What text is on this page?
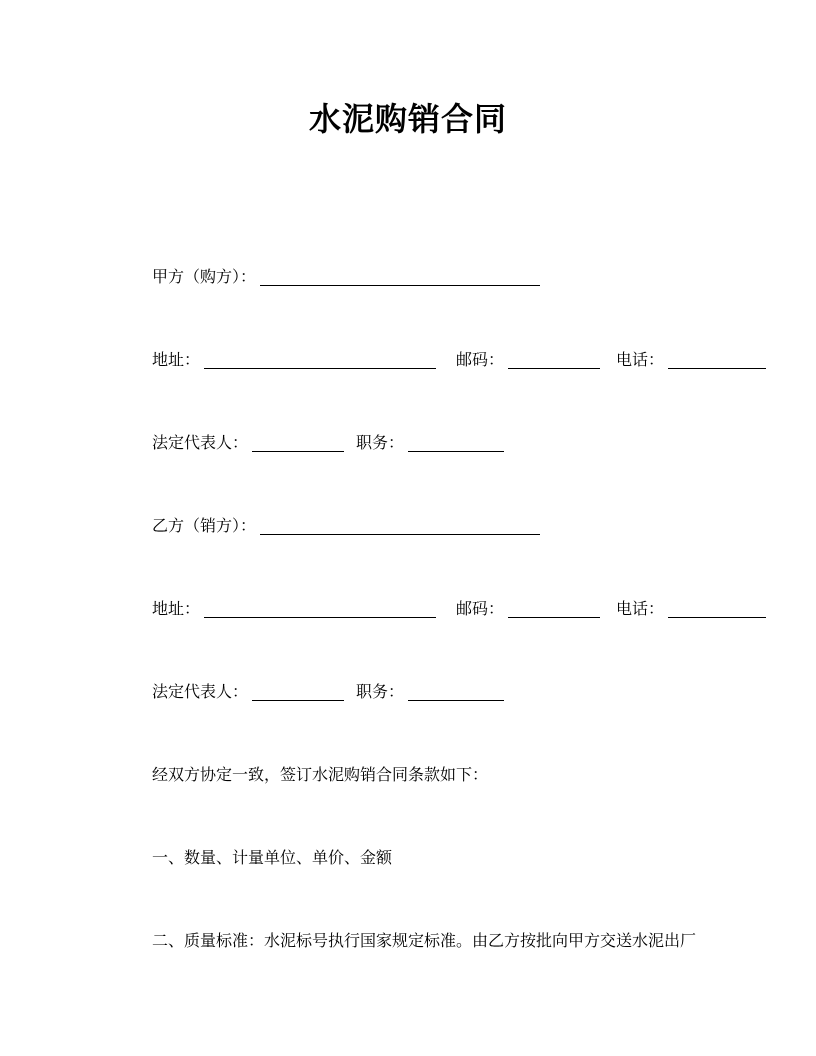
水泥购销合同
甲方（购方）：
地址：	邮码：	电话：
法定代表人：	职务：
乙方（销方）：
地址：	邮码：	电话：
法定代表人：	职务：
经双方协定一致，签订水泥购销合同条款如下：
一、数量、计量单位、单价、金额
二、质量标准：水泥标号执行国家规定标准。由乙方按批向甲方交送水泥出厂
